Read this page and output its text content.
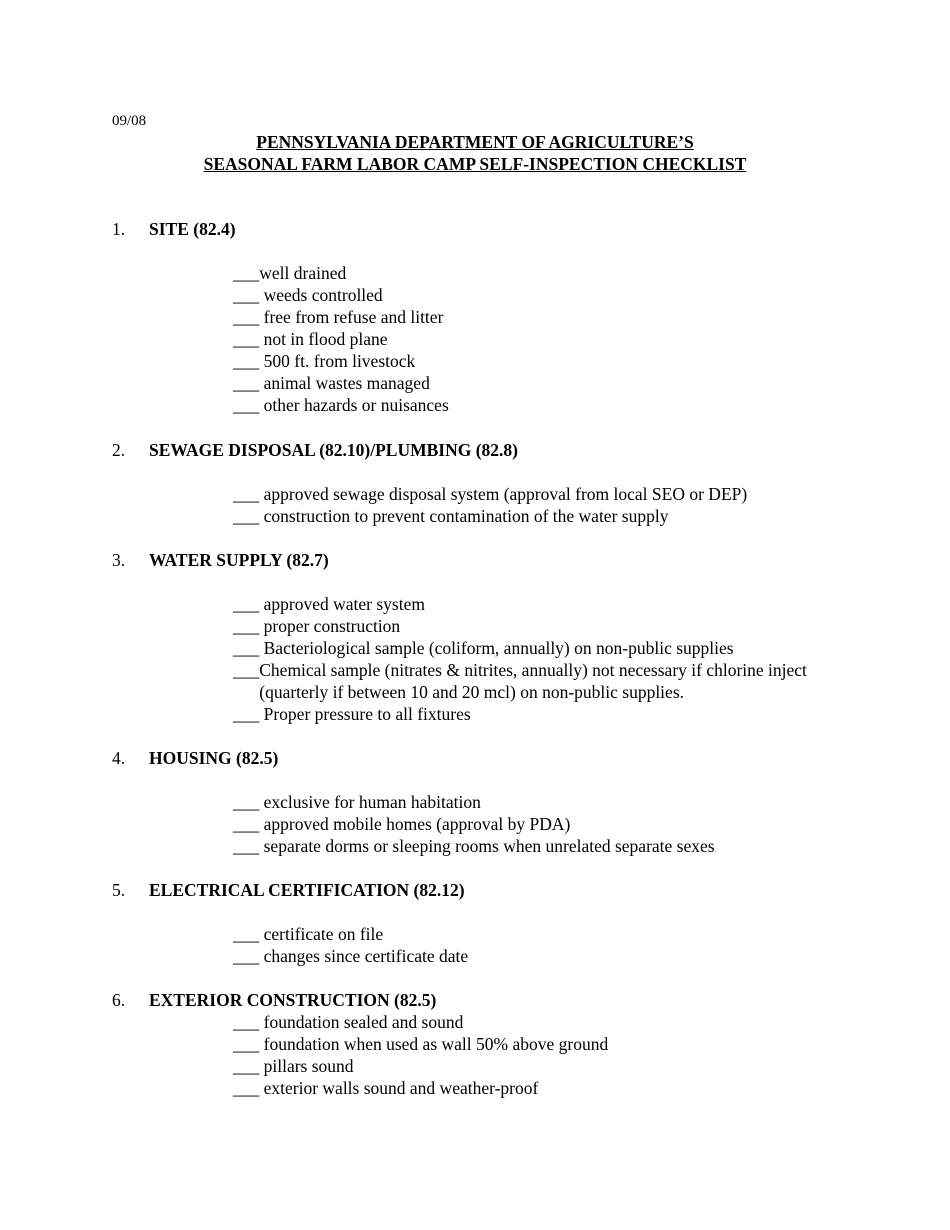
09/08
PENNSYLVANIA DEPARTMENT OF AGRICULTURE’S
SEASONAL FARM LABOR CAMP SELF-INSPECTION CHECKLIST
1. SITE (82.4)
___ well drained
___ weeds controlled
___ free from refuse and litter
___ not in flood plane
___ 500 ft. from livestock
___ animal wastes managed
___ other hazards or nuisances
2. SEWAGE DISPOSAL (82.10)/PLUMBING (82.8)
___ approved sewage disposal system (approval from local SEO or DEP)
___ construction to prevent contamination of the water supply
3. WATER SUPPLY (82.7)
___ approved water system
___ proper construction
___ Bacteriological sample (coliform, annually) on non-public supplies
___ Chemical sample (nitrates & nitrites, annually) not necessary if chlorine inject (quarterly if between 10 and 20 mcl) on non-public supplies.
___ Proper pressure to all fixtures
4. HOUSING (82.5)
___ exclusive for human habitation
___ approved mobile homes (approval by PDA)
___ separate dorms or sleeping rooms when unrelated separate sexes
5. ELECTRICAL CERTIFICATION (82.12)
___ certificate on file
___ changes since certificate date
6. EXTERIOR CONSTRUCTION (82.5)
___ foundation sealed and sound
___ foundation when used as wall 50% above ground
___ pillars sound
___ exterior walls sound and weather-proof
